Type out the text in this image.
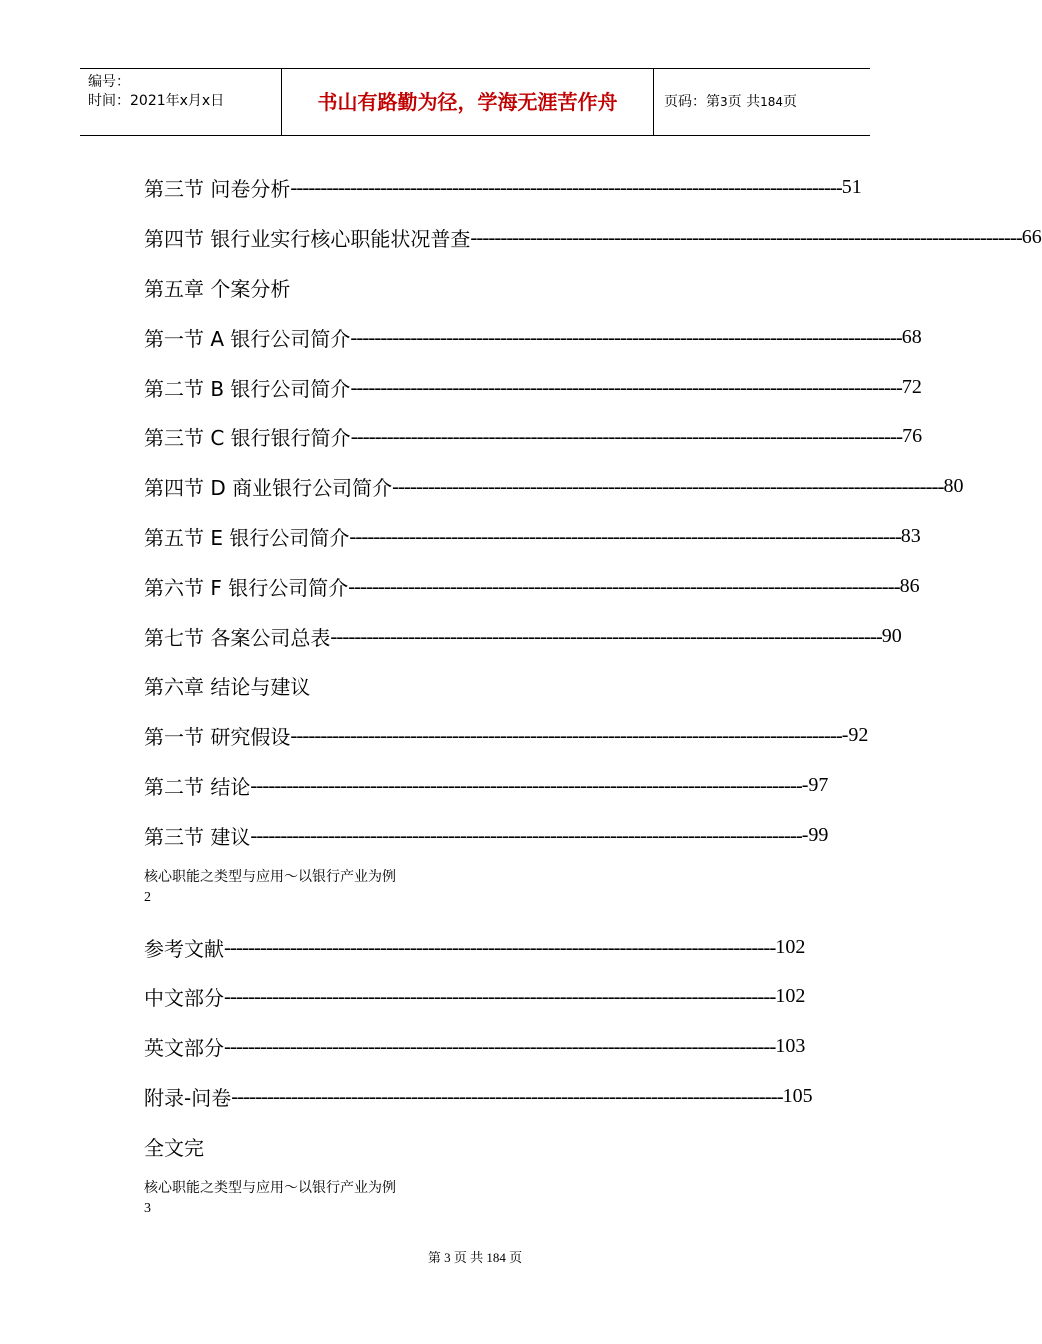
编号：
时间：2021年x月x日	书山有路勤为径，学海无涯苦作舟	页码：第3页 共184页
第三节 问卷分析 -------------------------------------------------------------------------------------------- 51
第四节 银行业实行核心职能状况普查 -------------------------------------------------------------------------------------------- 66
第五章 个案分析
第一节 A 银行公司简介 -------------------------------------------------------------------------------------------- 68
第二节 B 银行公司简介 -------------------------------------------------------------------------------------------- 72
第三节 C 银行银行简介 -------------------------------------------------------------------------------------------- 76
第四节 D 商业银行公司简介 -------------------------------------------------------------------------------------------- 80
第五节 E 银行公司简介 -------------------------------------------------------------------------------------------- 83
第六节 F 银行公司简介 -------------------------------------------------------------------------------------------- 86
第七节 各案公司总表 -------------------------------------------------------------------------------------------- 90
第六章 结论与建议
第一节 研究假设 -------------------------------------------------------------------------------------------- -92
第二节 结论 -------------------------------------------------------------------------------------------- -97
第三节 建议 -------------------------------------------------------------------------------------------- -99
核心职能之类型与应用～以银行产业为例
2
参考文献 -------------------------------------------------------------------------------------------- 102
中文部分 -------------------------------------------------------------------------------------------- 102
英文部分 -------------------------------------------------------------------------------------------- 103
附录-问卷 -------------------------------------------------------------------------------------------- 105
全文完
核心职能之类型与应用～以银行产业为例
3
第 3 页 共 184 页
